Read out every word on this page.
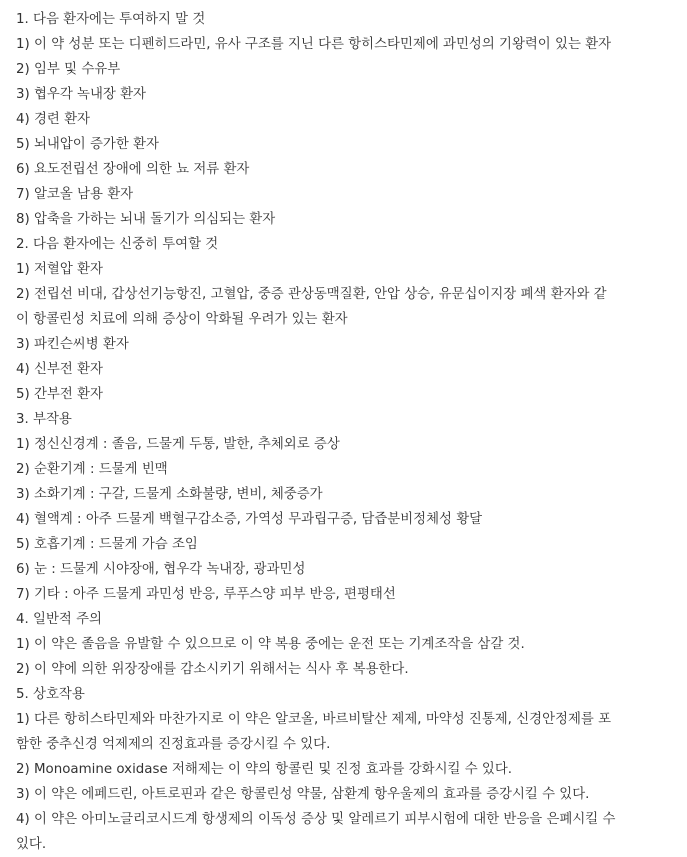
1. 다음 환자에는 투여하지 말 것
1) 이 약 성분 또는 디펜히드라민, 유사 구조를 지닌 다른 항히스타민제에 과민성의 기왕력이 있는 환자
2) 임부 및 수유부
3) 협우각 녹내장 환자
4) 경련 환자
5) 뇌내압이 증가한 환자
6) 요도전립선 장애에 의한 뇨 저류 환자
7) 알코올 남용 환자
8) 압축을 가하는 뇌내 돌기가 의심되는 환자
2. 다음 환자에는 신중히 투여할 것
1) 저혈압 환자
2) 전립선 비대, 갑상선기능항진, 고혈압, 중증 관상동맥질환, 안압 상승, 유문십이지장 폐색 환자와 같
이 항콜린성 치료에 의해 증상이 악화될 우려가 있는 환자
3) 파킨슨씨병 환자
4) 신부전 환자
5) 간부전 환자
3. 부작용
1) 정신신경계 : 졸음, 드물게 두통, 발한, 추체외로 증상
2) 순환기계 : 드물게 빈맥
3) 소화기계 : 구갈, 드물게 소화불량, 변비, 체중증가
4) 혈액계 : 아주 드물게 백혈구감소증, 가역성 무과립구증, 담즙분비정체성 황달
5) 호흡기계 : 드물게 가슴 조임
6) 눈 : 드물게 시야장애, 협우각 녹내장, 광과민성
7) 기타 : 아주 드물게 과민성 반응, 루푸스양 피부 반응, 편평태선
4. 일반적 주의
1) 이 약은 졸음을 유발할 수 있으므로 이 약 복용 중에는 운전 또는 기계조작을 삼갈 것.
2) 이 약에 의한 위장장애를 감소시키기 위해서는 식사 후 복용한다.
5. 상호작용
1) 다른 항히스타민제와 마찬가지로 이 약은 알코올, 바르비탈산 제제, 마약성 진통제, 신경안정제를 포
함한 중추신경 억제제의 진정효과를 증강시킬 수 있다.
2) Monoamine oxidase 저해제는 이 약의 항콜린 및 진정 효과를 강화시킬 수 있다.
3) 이 약은 에페드린, 아트로핀과 같은 항콜린성 약물, 삼환계 항우울제의 효과를 증강시킬 수 있다.
4) 이 약은 아미노글리코시드계 항생제의 이독성 증상 및 알레르기 피부시험에 대한 반응을 은폐시킬 수
있다.
